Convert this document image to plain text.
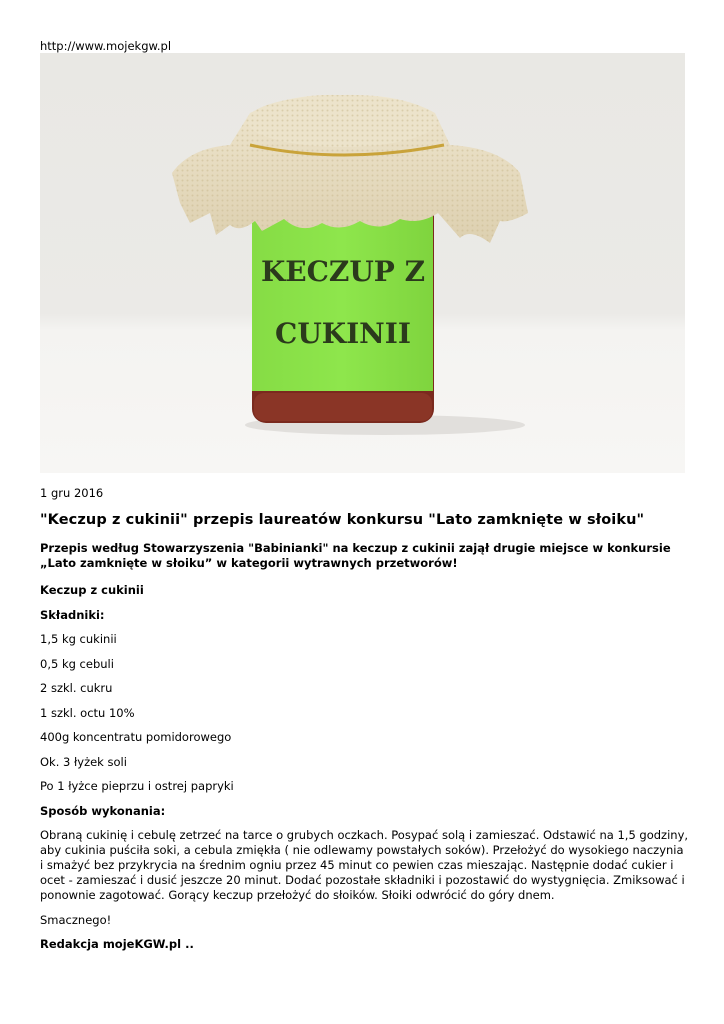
http://www.mojekgw.pl
KECZUP Z
CUKINII
1 gru 2016
"Keczup z cukinii" przepis laureatów konkursu "Lato zamknięte w słoiku"

Przepis według Stowarzyszenia "Babinianki" na keczup z cukinii zajął drugie miejsce w konkursie „Lato zamknięte w słoiku” w kategorii wytrawnych przetworów!

Keczup z cukinii

Składniki:

1,5 kg cukinii

0,5 kg cebuli

2 szkl. cukru

1 szkl. octu 10%

400g koncentratu pomidorowego

Ok. 3 łyżek soli

Po 1 łyżce pieprzu i ostrej papryki

Sposób wykonania:

Obraną cukinię i cebulę zetrzeć na tarce o grubych oczkach. Posypać solą i zamieszać. Odstawić na 1,5 godziny, aby cukinia puściła soki, a cebula zmiękła ( nie odlewamy powstałych soków). Przełożyć do wysokiego naczynia i smażyć bez przykrycia na średnim ogniu przez 45 minut co pewien czas mieszając. Następnie dodać cukier i ocet - zamieszać i dusić jeszcze 20 minut. Dodać pozostałe składniki i pozostawić do wystygnięcia. Zmiksować i ponownie zagotować. Gorący keczup przełożyć do słoików. Słoiki odwrócić do góry dnem.

Smacznego!

Redakcja mojeKGW.pl ..
